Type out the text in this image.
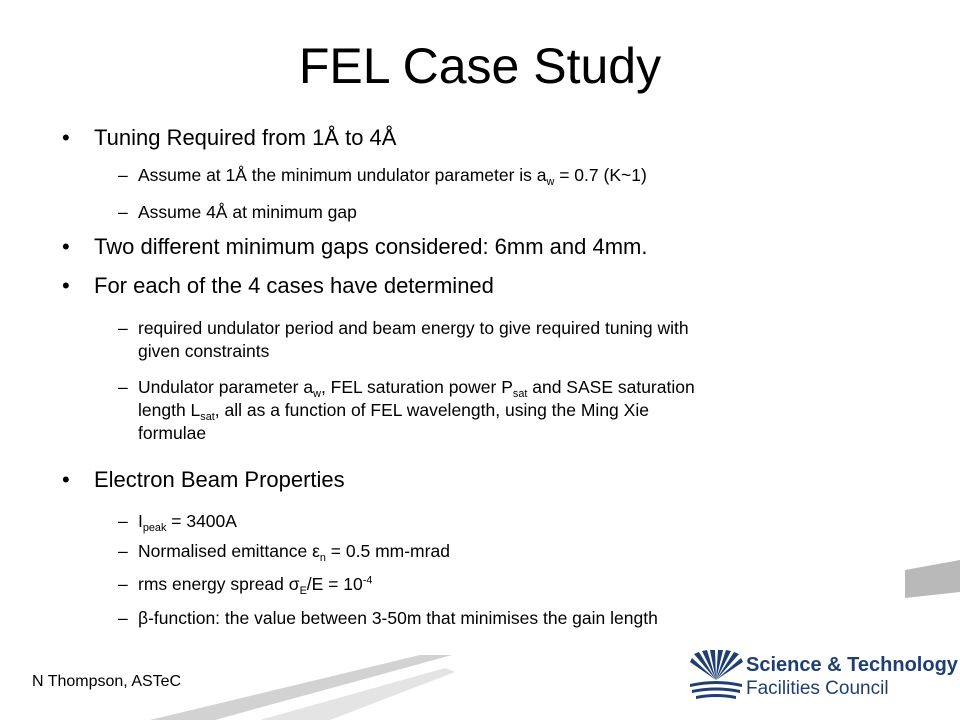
FEL Case Study
• Tuning Required from 1Å to 4Å
– Assume at 1Å the minimum undulator parameter is $a_w = 0.7$ (K~1)
– Assume 4Å at minimum gap
• Two different minimum gaps considered: 6mm and 4mm.
• For each of the 4 cases have determined
– required undulator period and beam energy to give required tuning with
given constraints
– Undulator parameter $a_w$, FEL saturation power $P_{sat}$ and SASE saturation
length $L_{sat}$, all as a function of FEL wavelength, using the Ming Xie
formulae
• Electron Beam Properties
– $I_{peak} = 3400A$
– Normalised emittance $\varepsilon_n = 0.5$ mm-mrad
– rms energy spread $\sigma_E/E = 10^{-4}$
– β-function: the value between 3-50m that minimises the gain length
N Thompson, ASTeC
Science & Technology
Facilities Council
